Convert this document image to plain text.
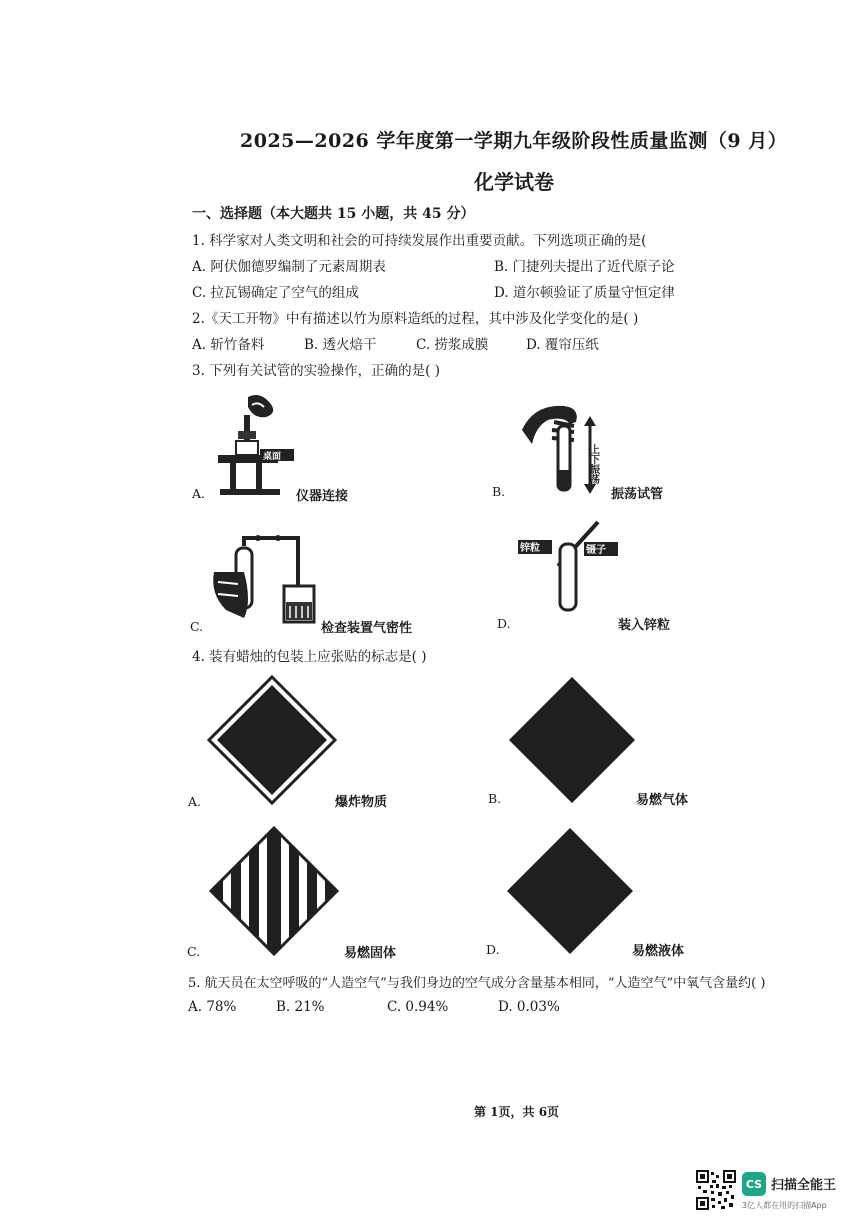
2025—2026 学年度第一学期九年级阶段性质量监测（9 月）
化学试卷
一、选择题（本大题共 15 小题，共 45 分）
1. 科学家对人类文明和社会的可持续发展作出重要贡献。下列选项正确的是(
A. 阿伏伽德罗编制了元素周期表	B. 门捷列夫提出了近代原子论
C. 拉瓦锡确定了空气的组成	D. 道尔顿验证了质量守恒定律
2.《天工开物》中有描述以竹为原料造纸的过程，其中涉及化学变化的是( )
A. 斩竹备料	B. 透火焙干	C. 捞浆成膜	D. 覆帘压纸
3. 下列有关试管的实验操作，正确的是( )
桌面
A.	仪器连接
上下振荡
B.	振荡试管
C.	检查装置气密性
锌粒	镊子
D.	装入锌粒
4. 装有蜡烛的包装上应张贴的标志是( )
A.	爆炸物质	B.	易燃气体
C.	易燃固体	D.	易燃液体
5. 航天员在太空呼吸的“人造空气”与我们身边的空气成分含量基本相同，“人造空气”中氧气含量约( )
A. 78%	B. 21%	C. 0.94%	D. 0.03%
第 1页，共 6页
CS 扫描全能王
3亿人都在用的扫描App
